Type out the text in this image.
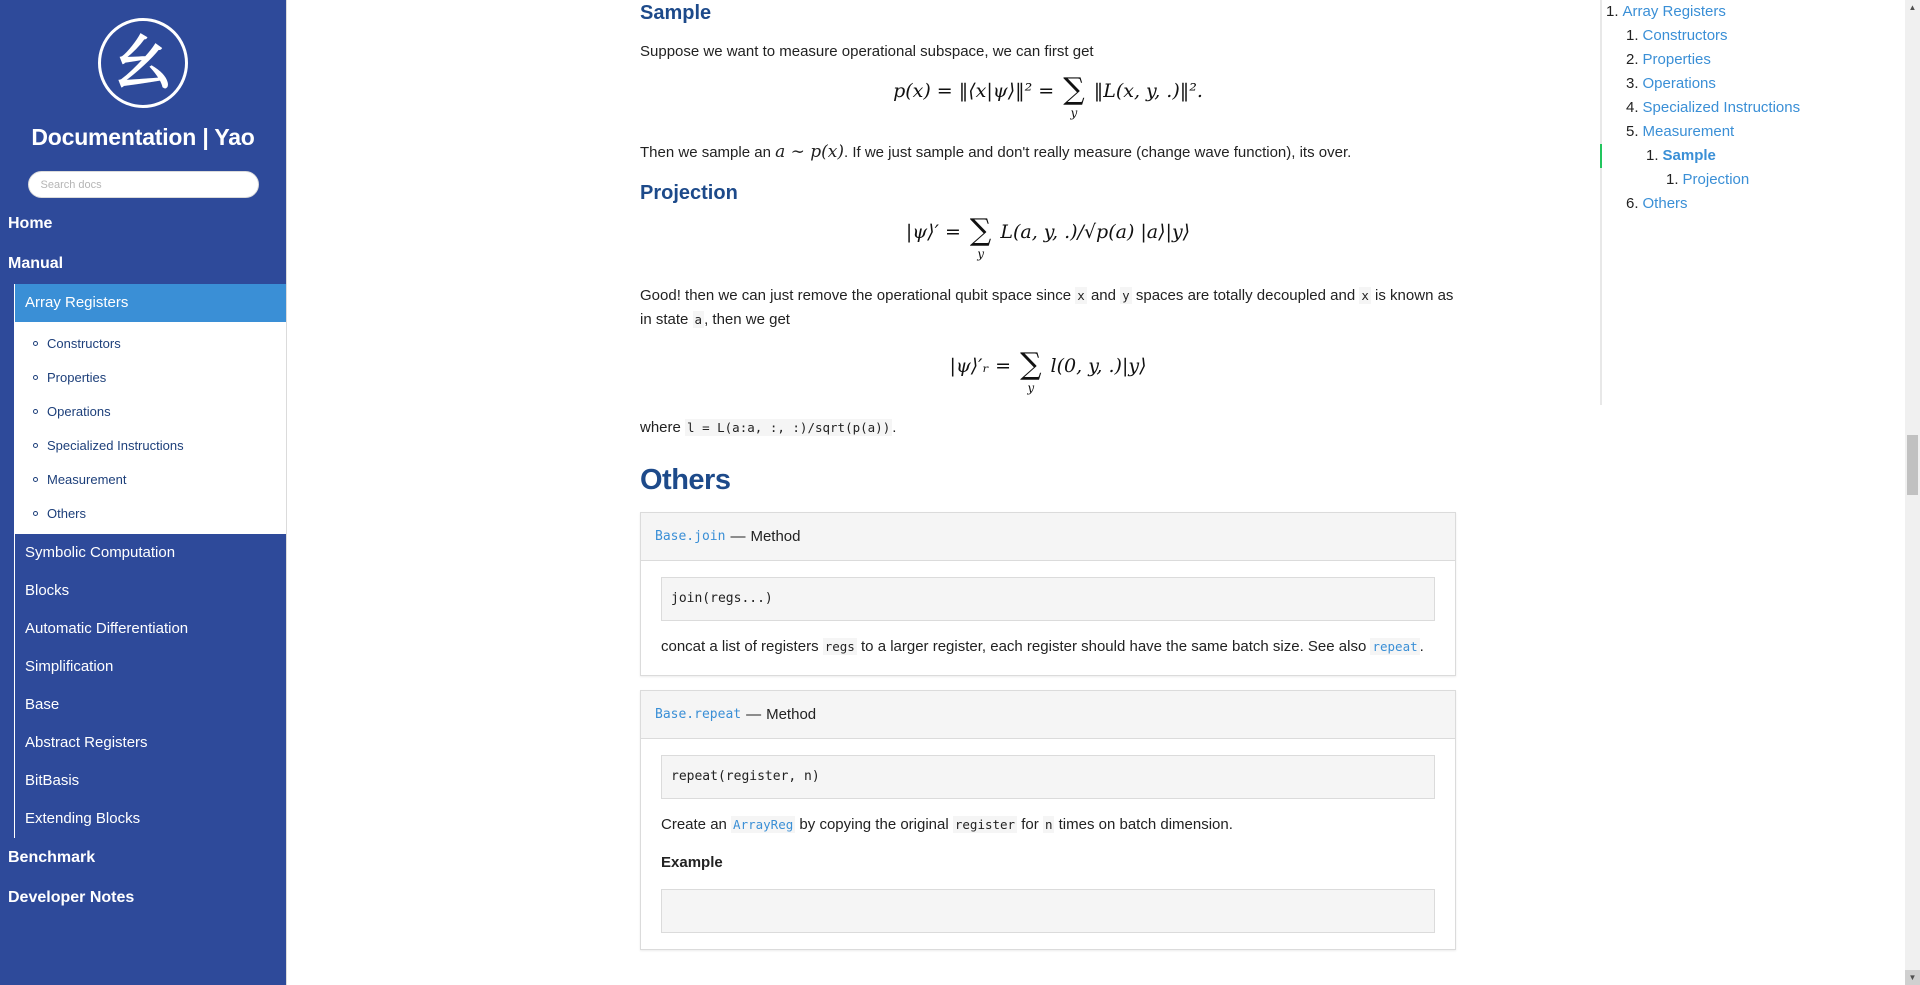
幺
Documentation | Yao
Search docs
Home
Manual
Array Registers
Constructors
Properties
Operations
Specialized Instructions
Measurement
Others
Symbolic Computation
Blocks
Automatic Differentiation
Simplification
Base
Abstract Registers
BitBasis
Extending Blocks
Benchmark
Developer Notes
Sample

Suppose we want to measure operational subspace, we can first get

p(x) = ‖⟨x|ψ⟩‖² = ∑
y
‖L(x, y, .)‖².

Then we sample an a ∼ p(x). If we just sample and don't really measure (change wave function), its over.

Projection
|ψ⟩′ = ∑
y
L(a, y, .)/√p(a) |a⟩|y⟩

Good! then we can just remove the operational qubit space since x and y spaces are totally decoupled and x is known as in state a , then we get

|ψ⟩′ᵣ = ∑
y
l(0, y, .)|y⟩

where l = L(a:a, :, :)/sqrt(p(a)) .

Others
Base.join — Method
join(regs...)

concat a list of registers regs to a larger register, each register should have the same batch size. See also repeat .

Base.repeat — Method
repeat(register, n)

Create an ArrayReg by copying the original register for n times on batch dimension.

Example
1. Array Registers
1. Constructors
2. Properties
3. Operations
4. Specialized Instructions
5. Measurement
1. Sample
1. Projection
6. Others
▲
▼
